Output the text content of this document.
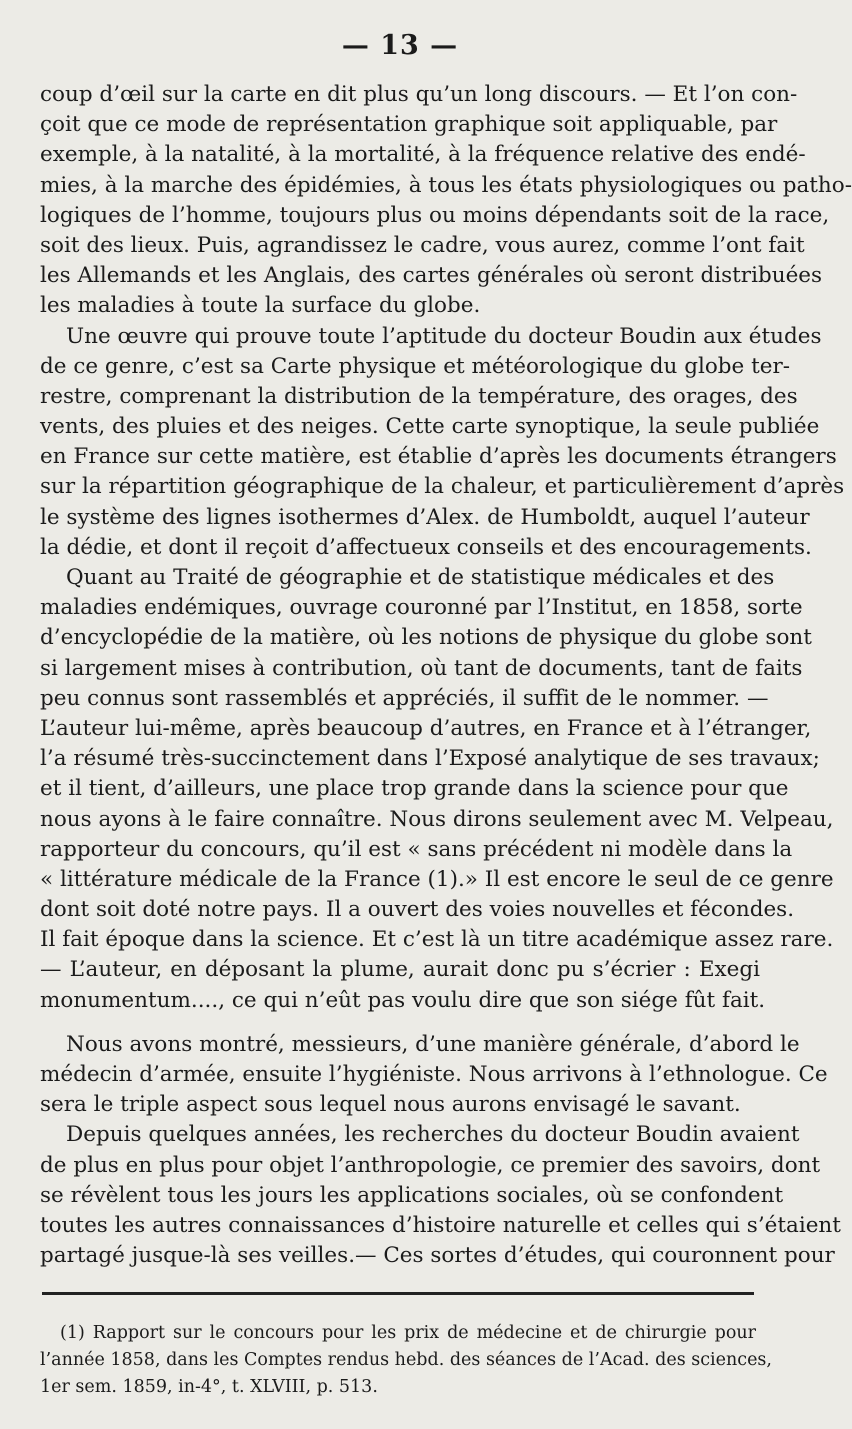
— 13 —
coup d’œil sur la carte en dit plus qu’un long discours. — Et l’on con-
çoit que ce mode de représentation graphique soit appliquable, par
exemple, à la natalité, à la mortalité, à la fréquence relative des endé-
mies, à la marche des épidémies, à tous les états physiologiques ou patho-
logiques de l’homme, toujours plus ou moins dépendants soit de la race,
soit des lieux. Puis, agrandissez le cadre, vous aurez, comme l’ont fait
les Allemands et les Anglais, des cartes générales où seront distribuées
les maladies à toute la surface du globe.
Une œuvre qui prouve toute l’aptitude du docteur Boudin aux études
de ce genre, c’est sa Carte physique et météorologique du globe ter-
restre, comprenant la distribution de la température, des orages, des
vents, des pluies et des neiges. Cette carte synoptique, la seule publiée
en France sur cette matière, est établie d’après les documents étrangers
sur la répartition géographique de la chaleur, et particulièrement d’après
le système des lignes isothermes d’Alex. de Humboldt, auquel l’auteur
la dédie, et dont il reçoit d’affectueux conseils et des encouragements.
Quant au Traité de géographie et de statistique médicales et des
maladies endémiques, ouvrage couronné par l’Institut, en 1858, sorte
d’encyclopédie de la matière, où les notions de physique du globe sont
si largement mises à contribution, où tant de documents, tant de faits
peu connus sont rassemblés et appréciés, il suffit de le nommer. —
L’auteur lui-même, après beaucoup d’autres, en France et à l’étranger,
l’a résumé très-succinctement dans l’Exposé analytique de ses travaux;
et il tient, d’ailleurs, une place trop grande dans la science pour que
nous ayons à le faire connaître. Nous dirons seulement avec M. Velpeau,
rapporteur du concours, qu’il est « sans précédent ni modèle dans la
« littérature médicale de la France (1).» Il est encore le seul de ce genre
dont soit doté notre pays. Il a ouvert des voies nouvelles et fécondes.
Il fait époque dans la science. Et c’est là un titre académique assez rare.
— L’auteur, en déposant la plume, aurait donc pu s’écrier : Exegi
monumentum...., ce qui n’eût pas voulu dire que son siége fût fait.
Nous avons montré, messieurs, d’une manière générale, d’abord le
médecin d’armée, ensuite l’hygiéniste. Nous arrivons à l’ethnologue. Ce
sera le triple aspect sous lequel nous aurons envisagé le savant.
Depuis quelques années, les recherches du docteur Boudin avaient
de plus en plus pour objet l’anthropologie, ce premier des savoirs, dont
se révèlent tous les jours les applications sociales, où se confondent
toutes les autres connaissances d’histoire naturelle et celles qui s’étaient
partagé jusque-là ses veilles.— Ces sortes d’études, qui couronnent pour
(1) Rapport sur le concours pour les prix de médecine et de chirurgie pour
l’année 1858, dans les Comptes rendus hebd. des séances de l’Acad. des sciences,
1er sem. 1859, in-4°, t. XLVIII, p. 513.
